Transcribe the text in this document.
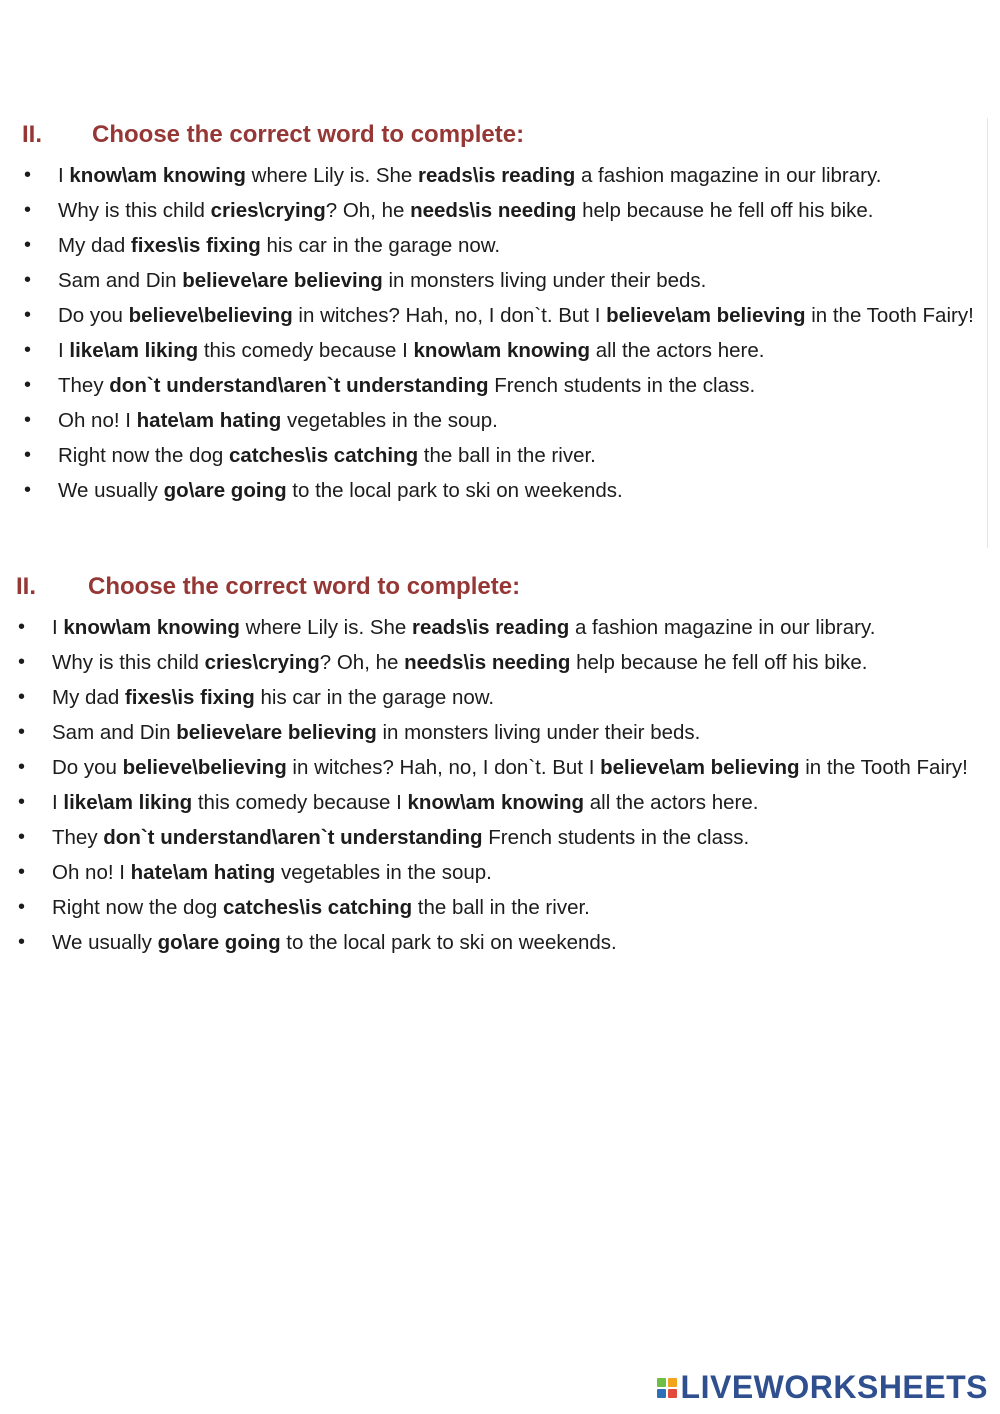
II.	Choose the correct word to complete:
• I know\am knowing where Lily is. She reads\is reading a fashion magazine in our library.
• Why is this child cries\crying? Oh, he needs\is needing help because he fell off his bike.
• My dad fixes\is fixing his car in the garage now.
• Sam and Din believe\are believing in monsters living under their beds.
• Do you believe\believing in witches? Hah, no, I don`t. But I believe\am believing in the Tooth Fairy!
• I like\am liking this comedy because I know\am knowing all the actors here.
• They don`t understand\aren`t understanding French students in the class.
• Oh no! I hate\am hating vegetables in the soup.
• Right now the dog catches\is catching the ball in the river.
• We usually go\are going to the local park to ski on weekends.
II.	Choose the correct word to complete:
• I know\am knowing where Lily is. She reads\is reading a fashion magazine in our library.
• Why is this child cries\crying? Oh, he needs\is needing help because he fell off his bike.
• My dad fixes\is fixing his car in the garage now.
• Sam and Din believe\are believing in monsters living under their beds.
• Do you believe\believing in witches? Hah, no, I don`t. But I believe\am believing in the Tooth Fairy!
• I like\am liking this comedy because I know\am knowing all the actors here.
• They don`t understand\aren`t understanding French students in the class.
• Oh no! I hate\am hating vegetables in the soup.
• Right now the dog catches\is catching the ball in the river.
• We usually go\are going to the local park to ski on weekends.
LIVEWORKSHEETS
